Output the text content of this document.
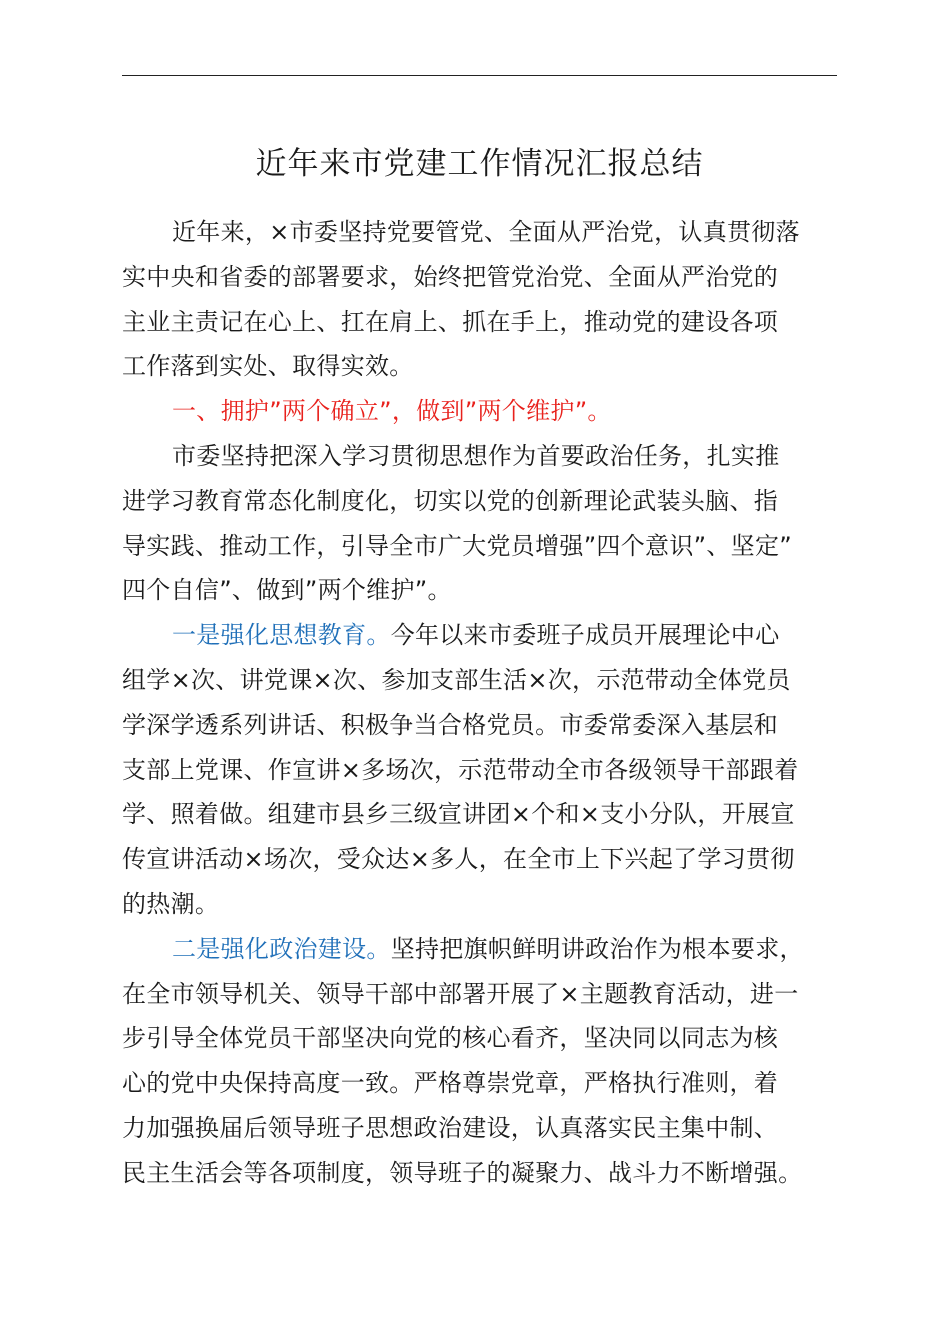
近年来市党建工作情况汇报总结
近年来，×市委坚持党要管党、全面从严治党，认真贯彻落
实中央和省委的部署要求，始终把管党治党、全面从严治党的
主业主责记在心上、扛在肩上、抓在手上，推动党的建设各项
工作落到实处、取得实效。
一、拥护”两个确立”，做到”两个维护”。
市委坚持把深入学习贯彻思想作为首要政治任务，扎实推
进学习教育常态化制度化，切实以党的创新理论武装头脑、指
导实践、推动工作，引导全市广大党员增强”四个意识”、坚定”
四个自信”、做到”两个维护”。
一是强化思想教育。今年以来市委班子成员开展理论中心
组学×次、讲党课×次、参加支部生活×次，示范带动全体党员
学深学透系列讲话、积极争当合格党员。市委常委深入基层和
支部上党课、作宣讲×多场次，示范带动全市各级领导干部跟着
学、照着做。组建市县乡三级宣讲团×个和×支小分队，开展宣
传宣讲活动×场次，受众达×多人，在全市上下兴起了学习贯彻
的热潮。
二是强化政治建设。坚持把旗帜鲜明讲政治作为根本要求，
在全市领导机关、领导干部中部署开展了×主题教育活动，进一
步引导全体党员干部坚决向党的核心看齐，坚决同以同志为核
心的党中央保持高度一致。严格尊崇党章，严格执行准则，着
力加强换届后领导班子思想政治建设，认真落实民主集中制、
民主生活会等各项制度，领导班子的凝聚力、战斗力不断增强。
